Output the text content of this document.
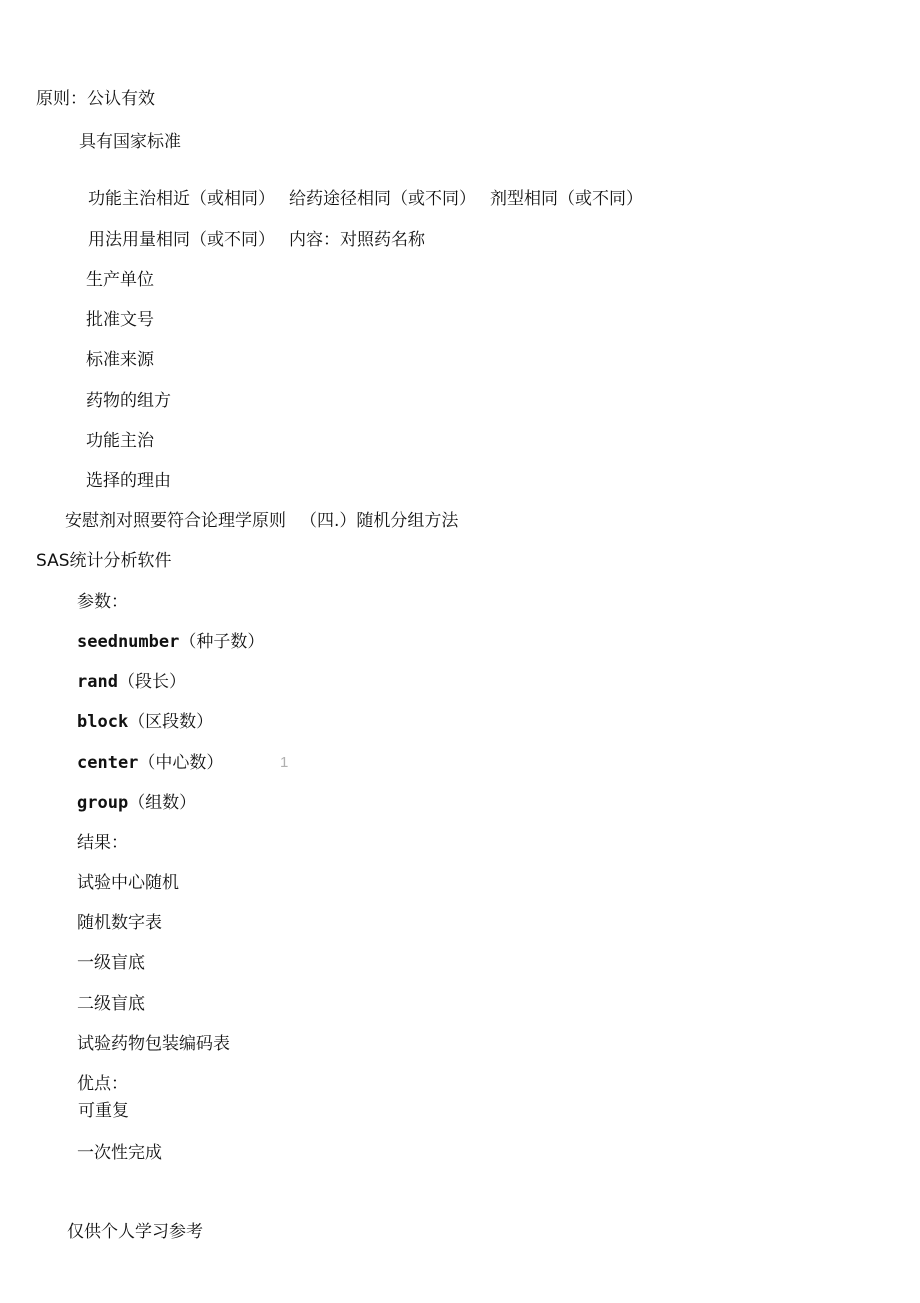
原则：公认有效
具有国家标准
功能主治相近（或相同） 给药途径相同（或不同） 剂型相同（或不同）
用法用量相同（或不同） 内容：对照药名称
生产单位
批准文号
标准来源
药物的组方
功能主治
选择的理由
安慰剂对照要符合论理学原则 （四.）随机分组方法
SAS统计分析软件
参数：
seednumber（种子数）
rand（段长）
block（区段数）
center（中心数）	1
group（组数）
结果：
试验中心随机
随机数字表
一级盲底
二级盲底
试验药物包装编码表
优点：
可重复
一次性完成
仅供个人学习参考
